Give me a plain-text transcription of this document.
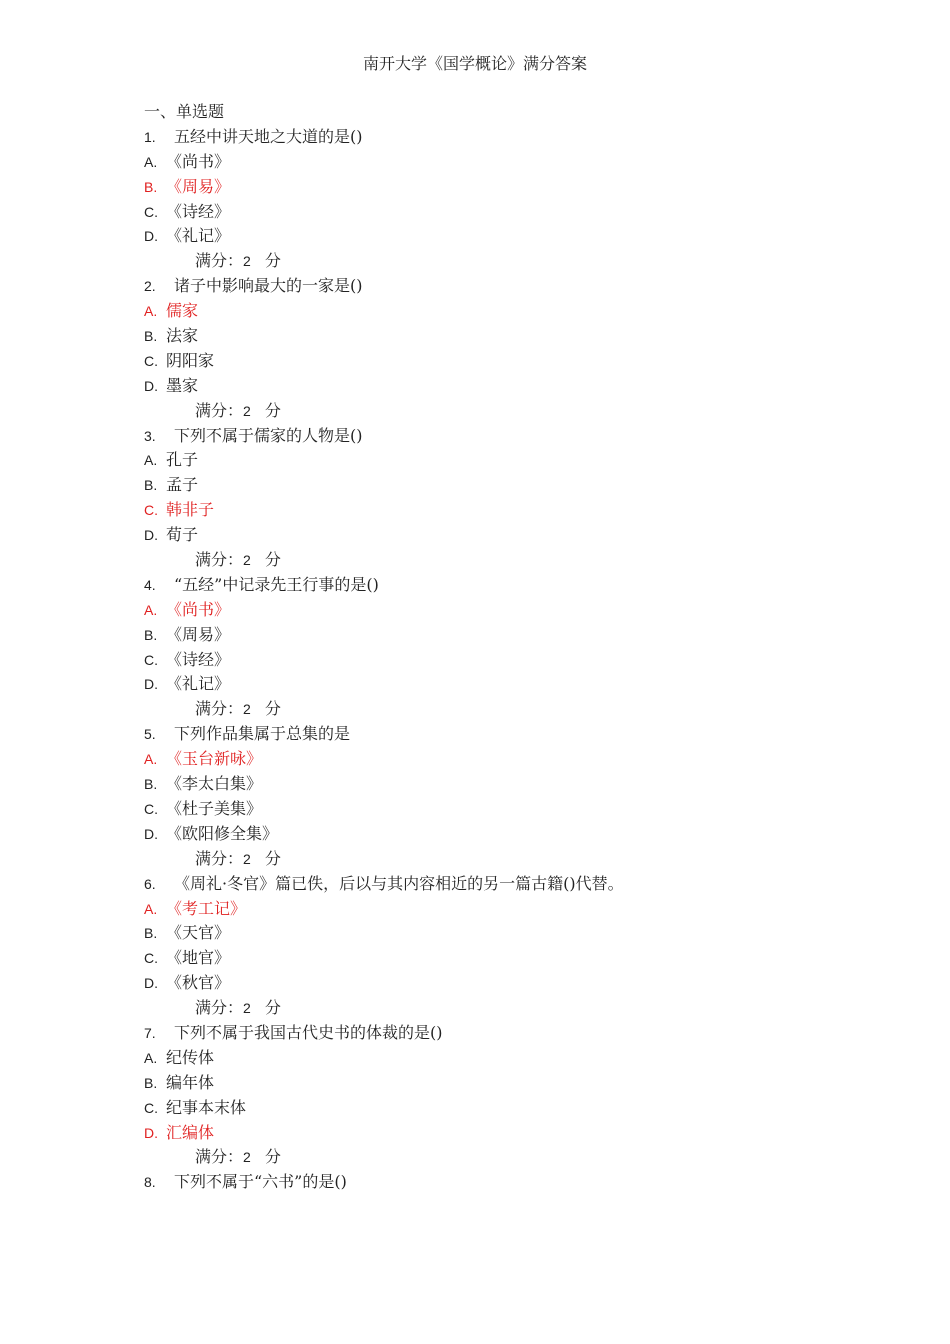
南开大学《国学概论》满分答案
一、单选题
1. 五经中讲天地之大道的是()
A. 《尚书》
B. 《周易》
C. 《诗经》
D. 《礼记》
满分：2 分
2. 诸子中影响最大的一家是()
A. 儒家
B. 法家
C. 阴阳家
D. 墨家
满分：2 分
3. 下列不属于儒家的人物是()
A. 孔子
B. 孟子
C. 韩非子
D. 荀子
满分：2 分
4. “五经”中记录先王行事的是()
A. 《尚书》
B. 《周易》
C. 《诗经》
D. 《礼记》
满分：2 分
5. 下列作品集属于总集的是
A. 《玉台新咏》
B. 《李太白集》
C. 《杜子美集》
D. 《欧阳修全集》
满分：2 分
6. 《周礼·冬官》篇已佚，后以与其内容相近的另一篇古籍()代替。
A. 《考工记》
B. 《天官》
C. 《地官》
D. 《秋官》
满分：2 分
7. 下列不属于我国古代史书的体裁的是()
A. 纪传体
B. 编年体
C. 纪事本末体
D. 汇编体
满分：2 分
8. 下列不属于“六书”的是()
